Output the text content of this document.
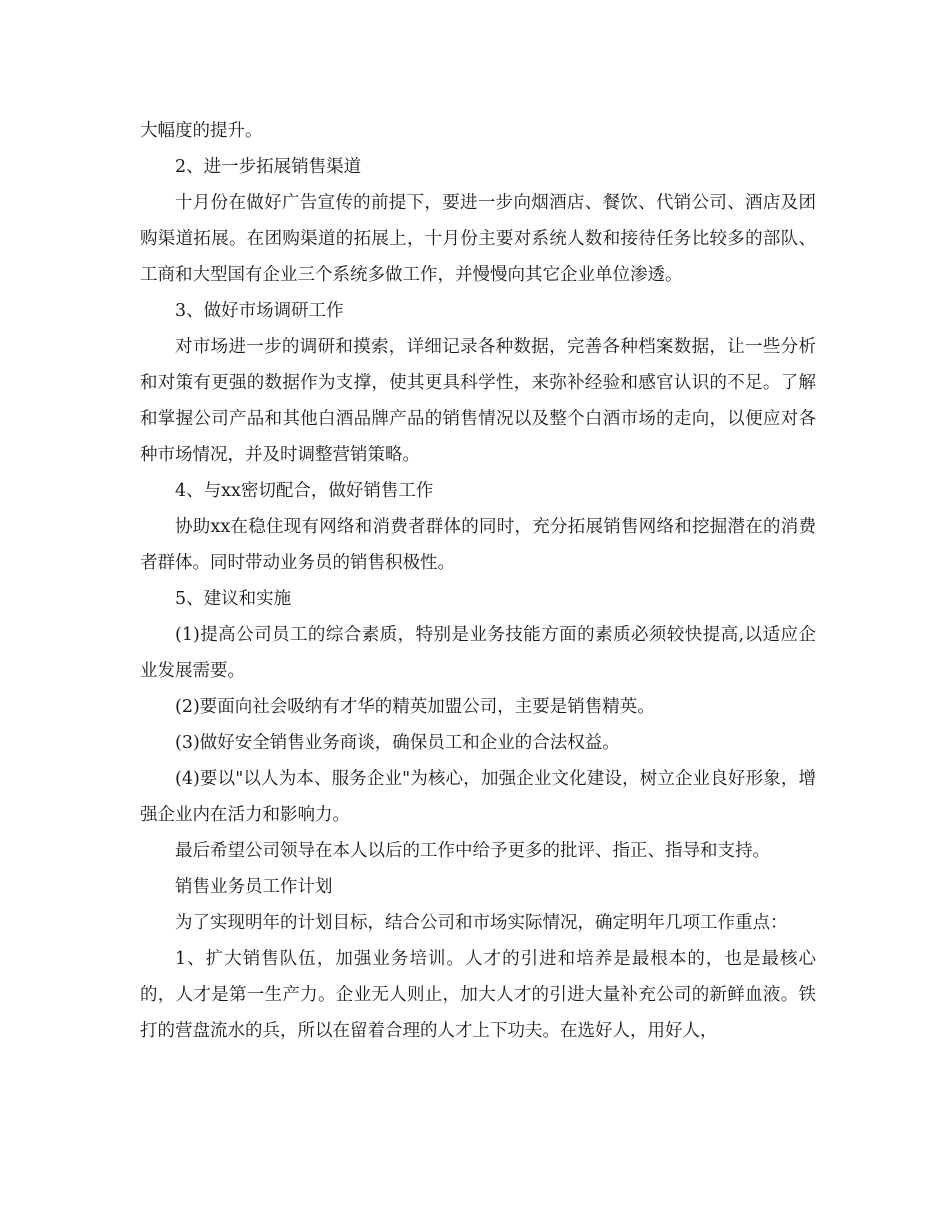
大幅度的提升。

2、进一步拓展销售渠道

十月份在做好广告宣传的前提下，要进一步向烟酒店、餐饮、代销公司、酒店及团购渠道拓展。在团购渠道的拓展上，十月份主要对系统人数和接待任务比较多的部队、工商和大型国有企业三个系统多做工作，并慢慢向其它企业单位渗透。

3、做好市场调研工作

对市场进一步的调研和摸索，详细记录各种数据，完善各种档案数据，让一些分析和对策有更强的数据作为支撑，使其更具科学性，来弥补经验和感官认识的不足。了解和掌握公司产品和其他白酒品牌产品的销售情况以及整个白酒市场的走向，以便应对各种市场情况，并及时调整营销策略。

4、与xx密切配合，做好销售工作

协助xx在稳住现有网络和消费者群体的同时，充分拓展销售网络和挖掘潜在的消费者群体。同时带动业务员的销售积极性。

5、建议和实施

(1)提高公司员工的综合素质，特别是业务技能方面的素质必须较快提高,以适应企业发展需要。

(2)要面向社会吸纳有才华的精英加盟公司，主要是销售精英。

(3)做好安全销售业务商谈，确保员工和企业的合法权益。

(4)要以"以人为本、服务企业"为核心，加强企业文化建设，树立企业良好形象，增强企业内在活力和影响力。

最后希望公司领导在本人以后的工作中给予更多的批评、指正、指导和支持。

销售业务员工作计划

为了实现明年的计划目标，结合公司和市场实际情况，确定明年几项工作重点：

1、扩大销售队伍，加强业务培训。人才的引进和培养是最根本的，也是最核心的，人才是第一生产力。企业无人则止，加大人才的引进大量补充公司的新鲜血液。铁打的营盘流水的兵，所以在留着合理的人才上下功夫。在选好人，用好人，
